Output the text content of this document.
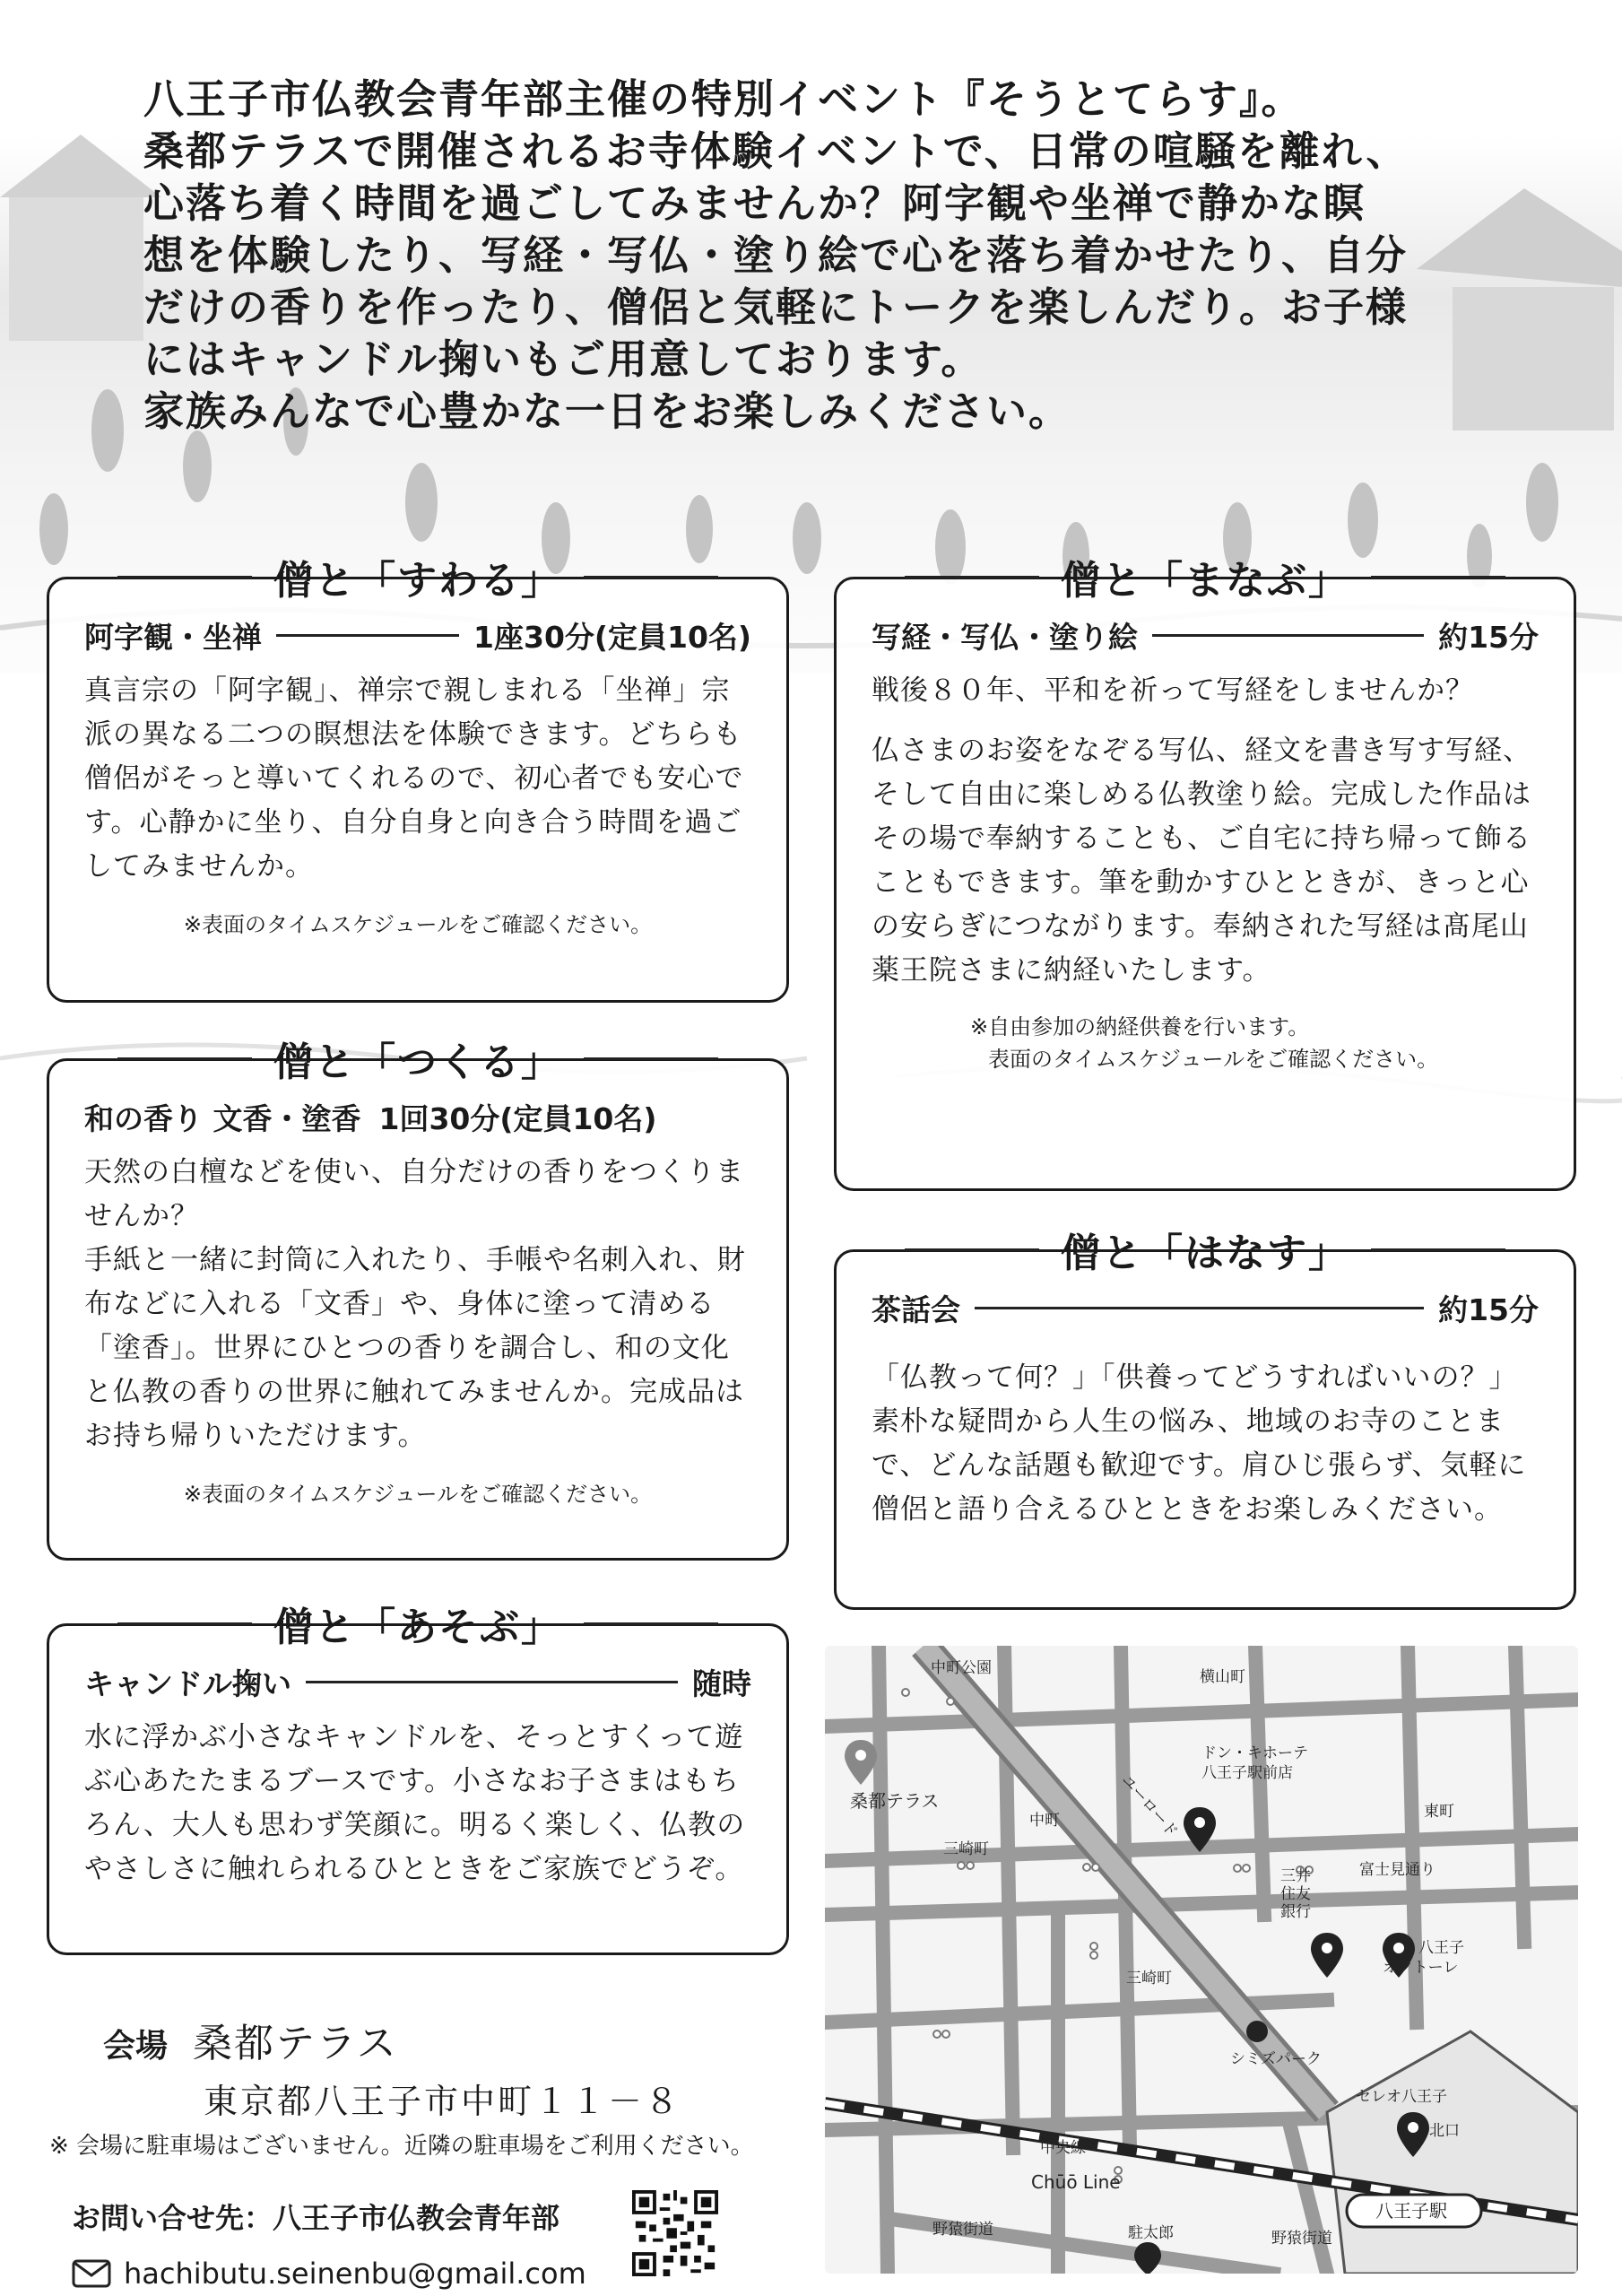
八王子市仏教会青年部主催の特別イベント『そうとてらす』。
桑都テラスで開催されるお寺体験イベントで、日常の喧騒を離れ、
心落ち着く時間を過ごしてみませんか？阿字観や坐禅で静かな瞑
想を体験したり、写経・写仏・塗り絵で心を落ち着かせたり、自分
だけの香りを作ったり、僧侶と気軽にトークを楽しんだり。お子様
にはキャンドル掬いもご用意しております。
家族みんなで心豊かな一日をお楽しみください。
僧と「すわる」
阿字観・坐禅	1座30分(定員10名)
真言宗の「阿字観」、禅宗で親しまれる「坐禅」宗派の異なる二つの瞑想法を体験できます。どちらも僧侶がそっと導いてくれるので、初心者でも安心です。心静かに坐り、自分自身と向き合う時間を過ごしてみませんか。
※表面のタイムスケジュールをご確認ください。
僧と「まなぶ」
写経・写仏・塗り絵	約15分
戦後８０年、平和を祈って写経をしませんか？
仏さまのお姿をなぞる写仏、経文を書き写す写経、そして自由に楽しめる仏教塗り絵。完成した作品はその場で奉納することも、ご自宅に持ち帰って飾ることもできます。筆を動かすひとときが、きっと心の安らぎにつながります。奉納された写経は髙尾山薬王院さまに納経いたします。
※自由参加の納経供養を行います。
表面のタイムスケジュールをご確認ください。
僧と「つくる」
和の香り 文香・塗香 1回30分(定員10名)
天然の白檀などを使い、自分だけの香りをつくりませんか？
手紙と一緒に封筒に入れたり、手帳や名刺入れ、財布などに入れる「文香」や、身体に塗って清める「塗香」。世界にひとつの香りを調合し、和の文化と仏教の香りの世界に触れてみませんか。完成品はお持ち帰りいただけます。
※表面のタイムスケジュールをご確認ください。
僧と「はなす」
茶話会	約15分
「仏教って何？」「供養ってどうすればいいの？」素朴な疑問から人生の悩み、地域のお寺のことまで、どんな話題も歓迎です。肩ひじ張らず、気軽に僧侶と語り合えるひとときをお楽しみください。
僧と「あそぶ」
キャンドル掬い	随時
水に浮かぶ小さなキャンドルを、そっとすくって遊ぶ心あたたまるブースです。小さなお子さまはもちろん、大人も思わず笑顔に。明るく楽しく、仏教のやさしさに触れられるひとときをご家族でどうぞ。
会場 桑都テラス
東京都八王子市中町１１－８
※ 会場に駐車場はございません。近隣の駐車場をご利用ください。
お問い合せ先：八王子市仏教会青年部
hachibutu.seinenbu@gmail.com
中町公園	横山町
桑都テラス
中町	ユーロード
ドン・キホーテ
八王子駅前店
東町
三崎町
富士見通り
三井
住友
銀行
三崎町
八王子
オクトーレ
P
シミズパーク
セレオ八王子
北口
中央線
Chūō Line
八王子駅
野猿街道	野猿街道
駐太郎
